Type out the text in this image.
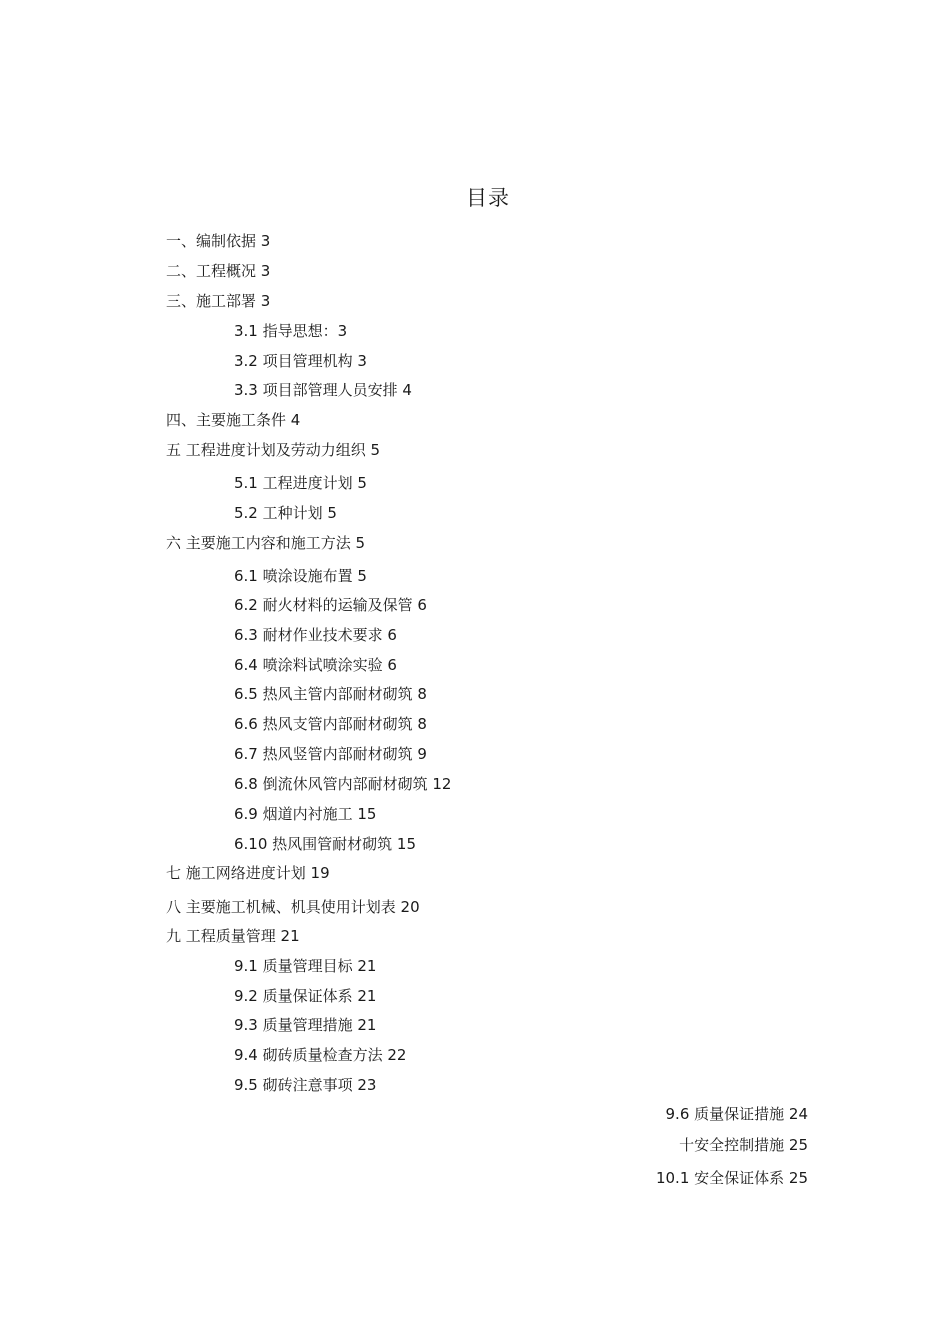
目录
一、编制依据 3
二、工程概况 3
三、施工部署 3
3.1 指导思想：3
3.2 项目管理机构 3
3.3 项目部管理人员安排 4
四、主要施工条件 4
五 工程进度计划及劳动力组织 5
5.1 工程进度计划 5
5.2 工种计划 5
六 主要施工内容和施工方法 5
6.1 喷涂设施布置 5
6.2 耐火材料的运输及保管 6
6.3 耐材作业技术要求 6
6.4 喷涂料试喷涂实验 6
6.5 热风主管内部耐材砌筑 8
6.6 热风支管内部耐材砌筑 8
6.7 热风竖管内部耐材砌筑 9
6.8 倒流休风管内部耐材砌筑 12
6.9 烟道内衬施工 15
6.10 热风围管耐材砌筑 15
七 施工网络进度计划 19
八 主要施工机械、机具使用计划表 20
九 工程质量管理 21
9.1 质量管理目标 21
9.2 质量保证体系 21
9.3 质量管理措施 21
9.4 砌砖质量检查方法 22
9.5 砌砖注意事项 23
9.6 质量保证措施 24
十安全控制措施 25
10.1 安全保证体系 25
